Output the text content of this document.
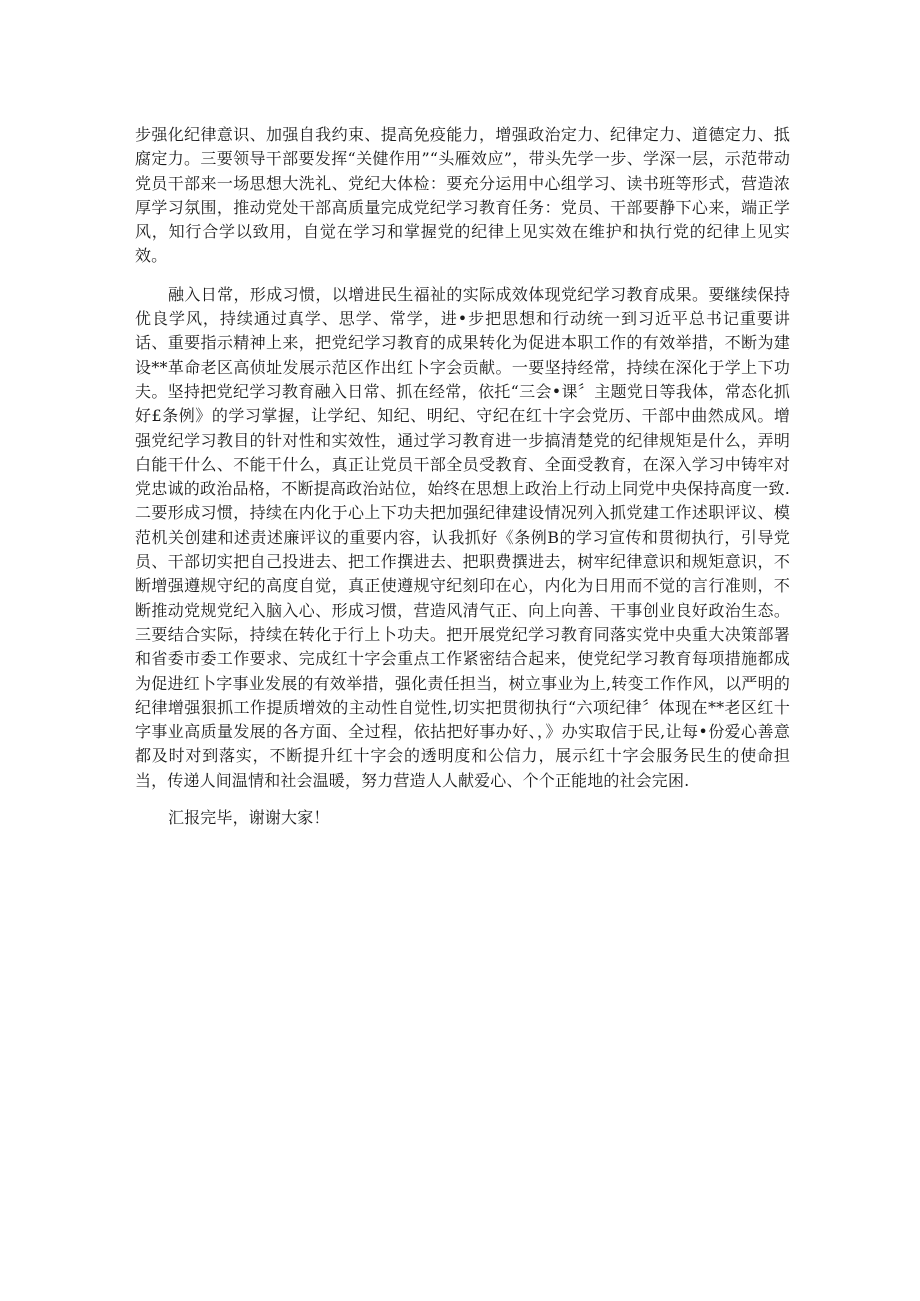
步强化纪律意识、加强自我约束、提高免疫能力，增强政治定力、纪律定力、道德定力、抵腐定力。三要领导干部要发挥“关健作用”“头雁效应”，带头先学一步、学深一层，示范带动党员干部来一场思想大洗礼、党纪大体检：要充分运用中心组学习、读书班等形式，营造浓厚学习氛围，推动党处干部高质量完成党纪学习教育任务：党员、干部要静下心来，端正学风，知行合学以致用，自觉在学习和掌握党的纪律上见实效在维护和执行党的纪律上见实效。

融入日常，形成习惯，以增进民生福祉的实际成效体现党纪学习教育成果。要继续保持优良学风，持续通过真学、思学、常学，进•步把思想和行动统一到习近平总书记重要讲话、重要指示精神上来，把党纪学习教育的成果转化为促进本职工作的有效举措，不断为建设**革命老区高侦址发展示范区作出红卜字会贡献。一要坚持经常，持续在深化于学上下功夫。坚持把党纪学习教育融入日常、抓在经常，依托“三会•课〞主题党日等我体，常态化抓好£条例》的学习掌握，让学纪、知纪、明纪、守纪在红十字会党历、干部中曲然成风。增强党纪学习教目的针对性和实效性，通过学习教育进一步搞清楚党的纪律规矩是什么，弄明白能干什么、不能干什么，真正让党员干部全员受教育、全面受教育，在深入学习中铸牢对党忠诚的政治品格，不断提高政治站位，始终在思想上政治上行动上同党中央保持高度一致.二要形成习惯，持续在内化于心上下功夫把加强纪律建设情况列入抓党建工作述职评议、模范机关创建和述责述廉评议的重要内容，认我抓好《条例B的学习宣传和贯彻执行，引导党员、干部切实把自己投进去、把工作撰进去、把职费撰进去，树牢纪律意识和规矩意识，不断增强遵规守纪的高度自觉，真正使遵规守纪刻印在心，内化为日用而不觉的言行准则，不断推动党规党纪入脑入心、形成习惯，营造风清气正、向上向善、干事创业良好政治生态。三要结合实际，持续在转化于行上卜功夫。把开展党纪学习教育同落实党中央重大决策部署和省委市委工作要求、完成红十字会重点工作紧密结合起来，使党纪学习教育每项措施都成为促进红卜字事业发展的有效举措，强化责任担当，树立事业为上,转变工作作风，以严明的纪律增强狠抓工作提质增效的主动性自觉性,切实把贯彻执行“六项纪律〞体现在**老区红十字事业高质量发展的各方面、全过程，依拈把好事办好、，》办实取信于民,让每•份爱心善意都及时对到落实，不断提升红十字会的透明度和公信力，展示红十字会服务民生的使命担当，传递人间温情和社会温暖，努力营造人人献爱心、个个正能地的社会完困.

汇报完毕，谢谢大家！
